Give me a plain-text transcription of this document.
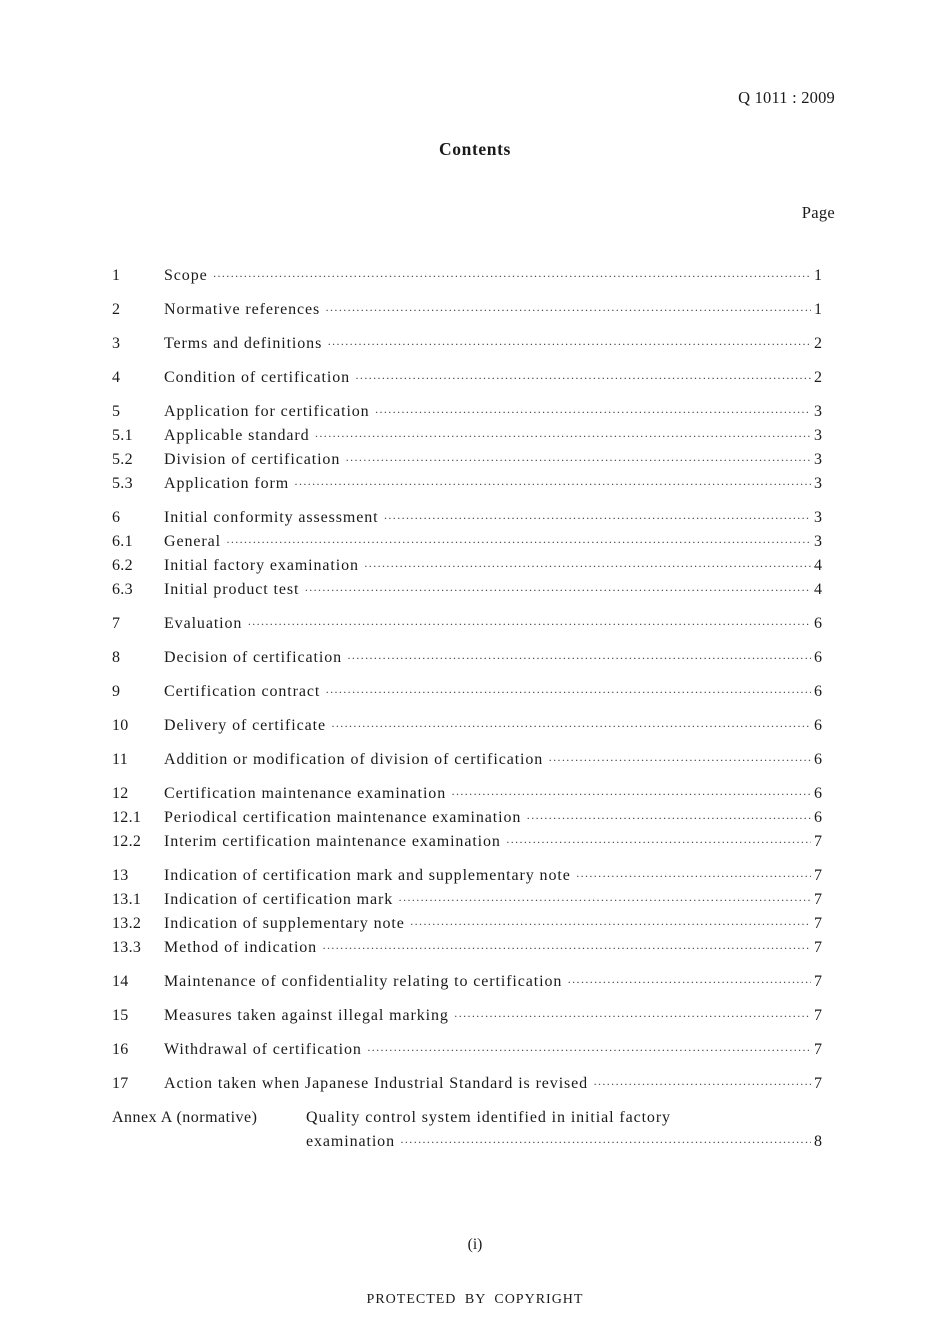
Q 1011 : 2009
Contents
Page
1	Scope ·····	1
2	Normative references ·····	1
3	Terms and definitions ·····	2
4	Condition of certification ·····	2
5	Application for certification ·····	3
5.1	Applicable standard ·····	3
5.2	Division of certification ·····	3
5.3	Application form ·····	3
6	Initial conformity assessment ·····	3
6.1	General ·····	3
6.2	Initial factory examination ·····	4
6.3	Initial product test ·····	4
7	Evaluation ·····	6
8	Decision of certification ·····	6
9	Certification contract ·····	6
10	Delivery of certificate ·····	6
11	Addition or modification of division of certification ·····	6
12	Certification maintenance examination ·····	6
12.1	Periodical certification maintenance examination ·····	6
12.2	Interim certification maintenance examination ·····	7
13	Indication of certification mark and supplementary note ·····	7
13.1	Indication of certification mark ·····	7
13.2	Indication of supplementary note ·····	7
13.3	Method of indication ·····	7
14	Maintenance of confidentiality relating to certification ·····	7
15	Measures taken against illegal marking ·····	7
16	Withdrawal of certification ·····	7
17	Action taken when Japanese Industrial Standard is revised ·····	7
Annex A (normative)	Quality control system identified in initial factory
examination ·····	8
(i)
PROTECTED BY COPYRIGHT
